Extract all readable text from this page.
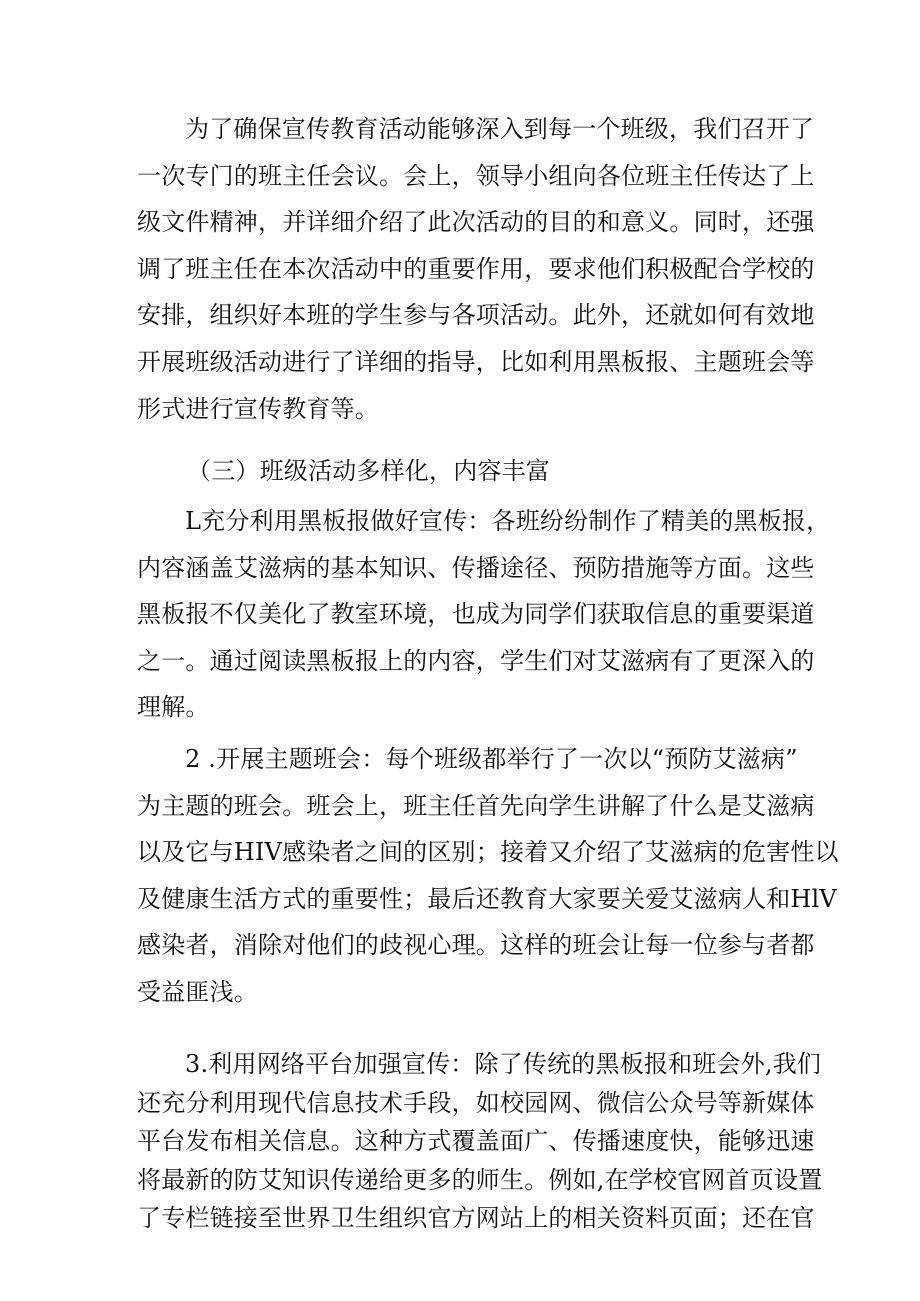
为了确保宣传教育活动能够深入到每一个班级，我们召开了
一次专门的班主任会议。会上，领导小组向各位班主任传达了上
级文件精神，并详细介绍了此次活动的目的和意义。同时，还强
调了班主任在本次活动中的重要作用，要求他们积极配合学校的
安排，组织好本班的学生参与各项活动。此外，还就如何有效地
开展班级活动进行了详细的指导，比如利用黑板报、主题班会等
形式进行宣传教育等。
（三）班级活动多样化，内容丰富
L充分利用黑板报做好宣传：各班纷纷制作了精美的黑板报，
内容涵盖艾滋病的基本知识、传播途径、预防措施等方面。这些
黑板报不仅美化了教室环境，也成为同学们获取信息的重要渠道
之一。通过阅读黑板报上的内容，学生们对艾滋病有了更深入的
理解。
2 .开展主题班会：每个班级都举行了一次以“预防艾滋病”
为主题的班会。班会上，班主任首先向学生讲解了什么是艾滋病
以及它与HIV感染者之间的区别；接着又介绍了艾滋病的危害性以
及健康生活方式的重要性；最后还教育大家要关爱艾滋病人和HlV
感染者，消除对他们的歧视心理。这样的班会让每一位参与者都
受益匪浅。
3.利用网络平台加强宣传：除了传统的黑板报和班会外,我们
还充分利用现代信息技术手段，如校园网、微信公众号等新媒体
平台发布相关信息。这种方式覆盖面广、传播速度快，能够迅速
将最新的防艾知识传递给更多的师生。例如,在学校官网首页设置
了专栏链接至世界卫生组织官方网站上的相关资料页面；还在官
